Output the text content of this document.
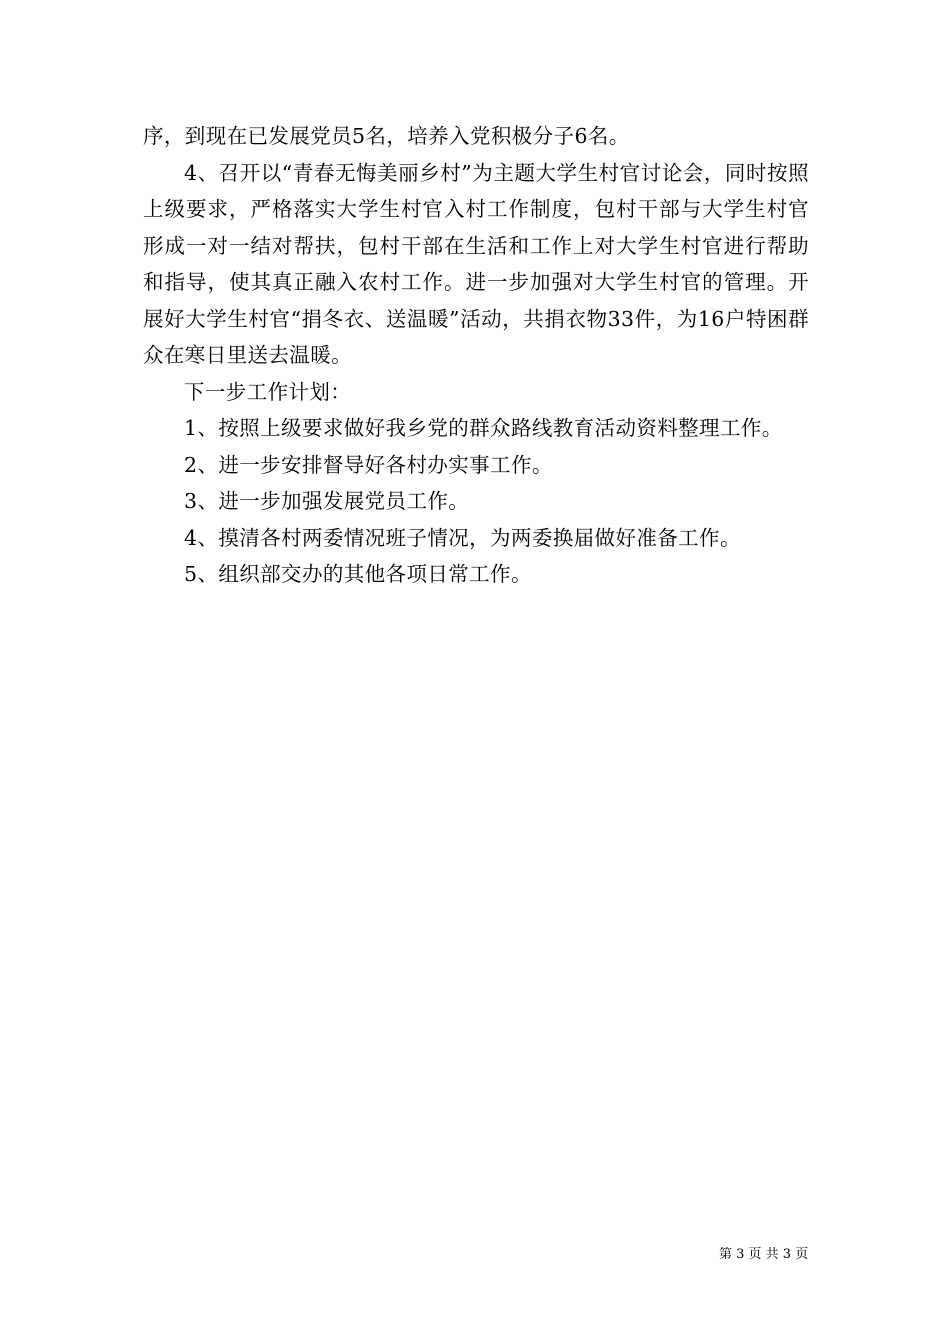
序，到现在已发展党员5名，培养入党积极分子6名。

4、召开以“青春无悔美丽乡村”为主题大学生村官讨论会，同时按照上级要求，严格落实大学生村官入村工作制度，包村干部与大学生村官形成一对一结对帮扶，包村干部在生活和工作上对大学生村官进行帮助和指导，使其真正融入农村工作。进一步加强对大学生村官的管理。开展好大学生村官“捐冬衣、送温暖”活动，共捐衣物33件，为16户特困群众在寒日里送去温暖。

下一步工作计划：

1、按照上级要求做好我乡党的群众路线教育活动资料整理工作。

2、进一步安排督导好各村办实事工作。

3、进一步加强发展党员工作。

4、摸清各村两委情况班子情况，为两委换届做好准备工作。

5、组织部交办的其他各项日常工作。

第 3 页 共 3 页
